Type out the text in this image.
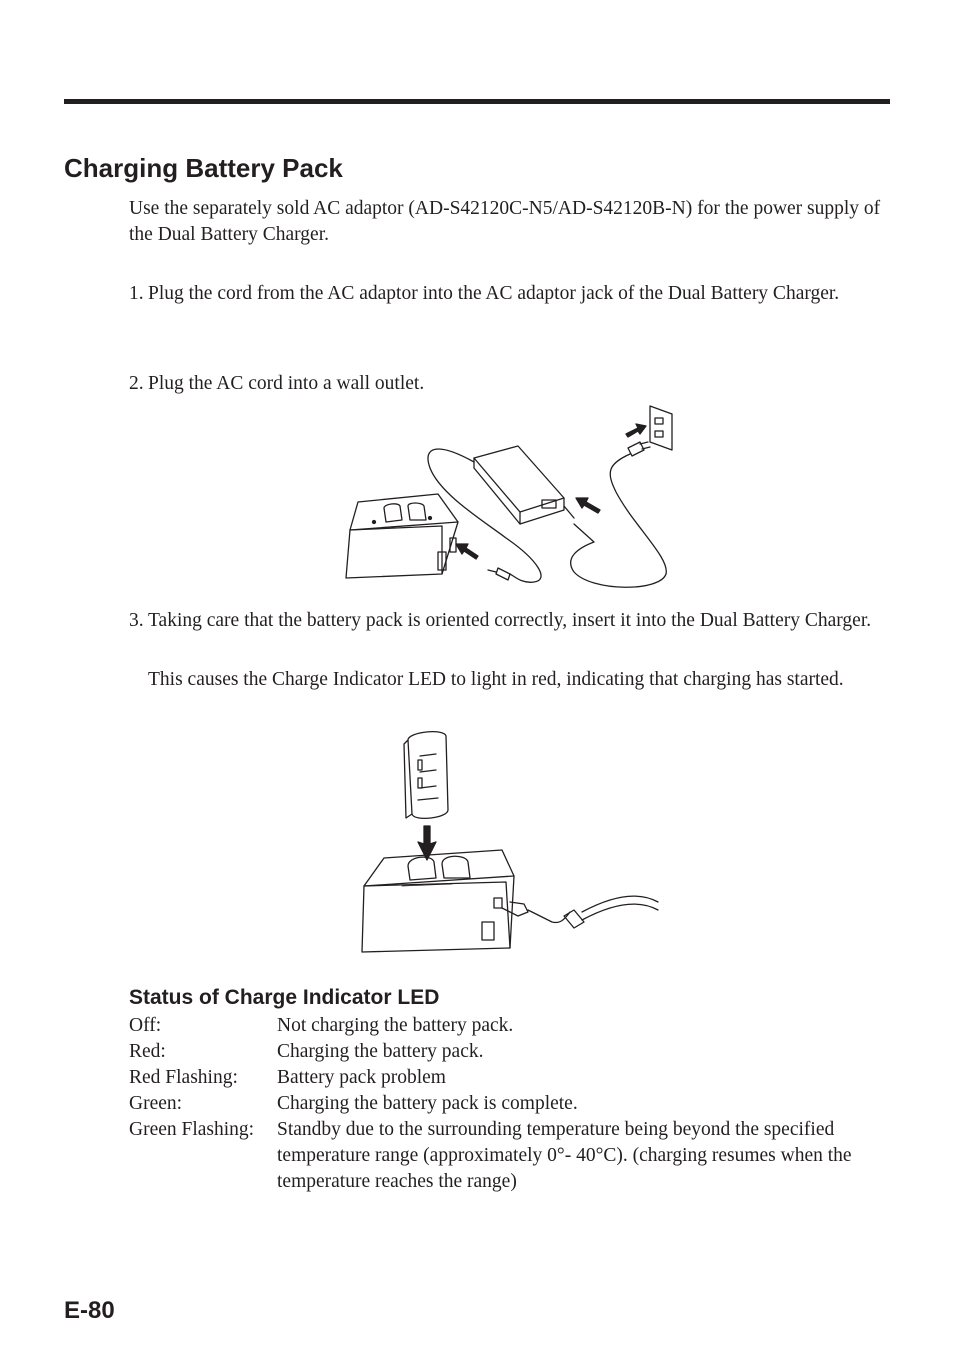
Charging Battery Pack

Use the separately sold AC adaptor (AD-S42120C-N5/AD-S42120B-N) for the power supply of the Dual Battery Charger.

1. Plug the cord from the AC adaptor into the AC adaptor jack of the Dual Battery Charger.
2. Plug the AC cord into a wall outlet.
3. Taking care that the battery pack is oriented correctly, insert it into the Dual Battery Charger.

This causes the Charge Indicator LED to light in red, indicating that charging has started.

Status of Charge Indicator LED
Off:	Not charging the battery pack.
Red:	Charging the battery pack.
Red Flashing:	Battery pack problem
Green:	Charging the battery pack is complete.
Green Flashing:	Standby due to the surrounding temperature being beyond the specified temperature range (approximately 0°- 40°C). (charging resumes when the temperature reaches the range)
E-80
